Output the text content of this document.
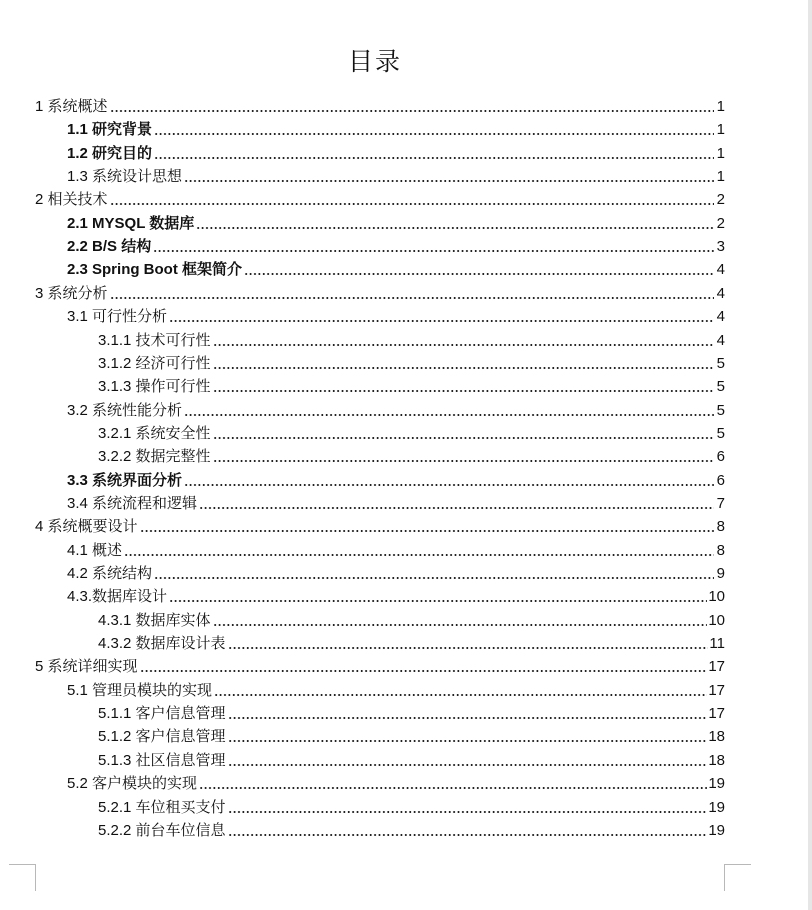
目录
1 系统概述	1
1.1 研究背景	1
1.2 研究目的	1
1.3 系统设计思想	1
2 相关技术	2
2.1 MYSQL 数据库	2
2.2 B/S 结构	3
2.3 Spring Boot 框架简介	4
3 系统分析	4
3.1 可行性分析	4
3.1.1 技术可行性	4
3.1.2 经济可行性	5
3.1.3 操作可行性	5
3.2 系统性能分析	5
3.2.1 系统安全性	5
3.2.2 数据完整性	6
3.3 系统界面分析	6
3.4 系统流程和逻辑	7
4 系统概要设计	8
4.1 概述	8
4.2 系统结构	9
4.3.数据库设计	10
4.3.1 数据库实体	10
4.3.2 数据库设计表	11
5 系统详细实现	17
5.1 管理员模块的实现	17
5.1.1 客户信息管理	17
5.1.2 客户信息管理	18
5.1.3 社区信息管理	18
5.2 客户模块的实现	19
5.2.1 车位租买支付	19
5.2.2 前台车位信息	19
